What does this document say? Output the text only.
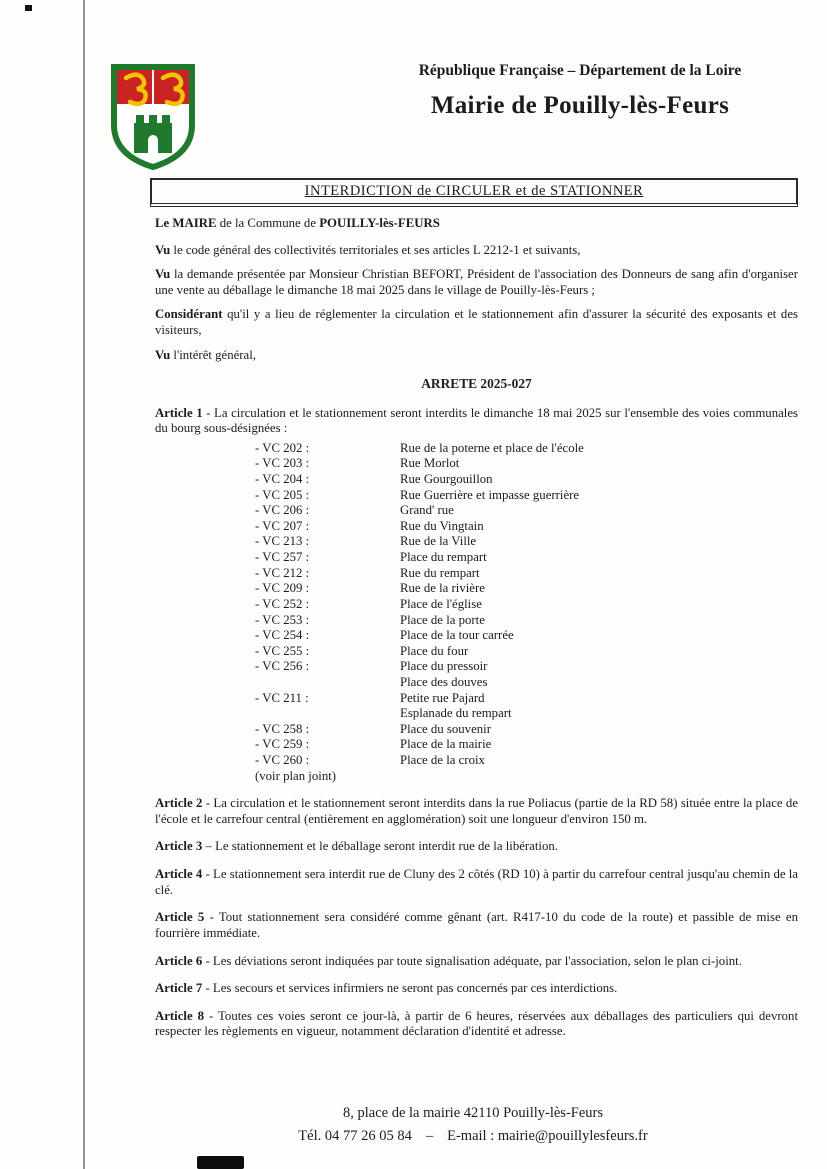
République Française – Département de la Loire
Mairie de Pouilly-lès-Feurs
INTERDICTION de CIRCULER et de STATIONNER

Le MAIRE de la Commune de POUILLY-lès-FEURS

Vu le code général des collectivités territoriales et ses articles L 2212-1 et suivants,

Vu la demande présentée par Monsieur Christian BEFORT, Président de l'association des Donneurs de sang afin d'organiser une vente au déballage le dimanche 18 mai 2025 dans le village de Pouilly-lès-Feurs ;

Considérant qu'il y a lieu de réglementer la circulation et le stationnement afin d'assurer la sécurité des exposants et des visiteurs,

Vu l'intérêt général,

ARRETE 2025-027

Article 1 - La circulation et le stationnement seront interdits le dimanche 18 mai 2025 sur l'ensemble des voies communales du bourg sous-désignées :

- VC 202 :	Rue de la poterne et place de l'école
- VC 203 :	Rue Morlot
- VC 204 :	Rue Gourgouillon
- VC 205 :	Rue Guerrière et impasse guerrière
- VC 206 :	Grand' rue
- VC 207 :	Rue du Vingtain
- VC 213 :	Rue de la Ville
- VC 257 :	Place du rempart
- VC 212 :	Rue du rempart
- VC 209 :	Rue de la rivière
- VC 252 :	Place de l'église
- VC 253 :	Place de la porte
- VC 254 :	Place de la tour carrée
- VC 255 :	Place du four
- VC 256 :	Place du pressoir
Place des douves
- VC 211 :	Petite rue Pajard
Esplanade du rempart
- VC 258 :	Place du souvenir
- VC 259 :	Place de la mairie
- VC 260 :	Place de la croix

(voir plan joint)

Article 2 - La circulation et le stationnement seront interdits dans la rue Poliacus (partie de la RD 58) située entre la place de l'école et le carrefour central (entièrement en agglomération) soit une longueur d'environ 150 m.

Article 3 – Le stationnement et le déballage seront interdit rue de la libération.

Article 4 - Le stationnement sera interdit rue de Cluny des 2 côtés (RD 10) à partir du carrefour central jusqu'au chemin de la clé.

Article 5 - Tout stationnement sera considéré comme gênant (art. R417-10 du code de la route) et passible de mise en fourrière immédiate.

Article 6 - Les déviations seront indiquées par toute signalisation adéquate, par l'association, selon le plan ci-joint.

Article 7 - Les secours et services infirmiers ne seront pas concernés par ces interdictions.

Article 8 - Toutes ces voies seront ce jour-là, à partir de 6 heures, réservées aux déballages des particuliers qui devront respecter les règlements en vigueur, notamment déclaration d'identité et adresse.

8, place de la mairie 42110 Pouilly-lès-Feurs
Tél. 04 77 26 05 84 – E-mail : mairie@pouillylesfeurs.fr
